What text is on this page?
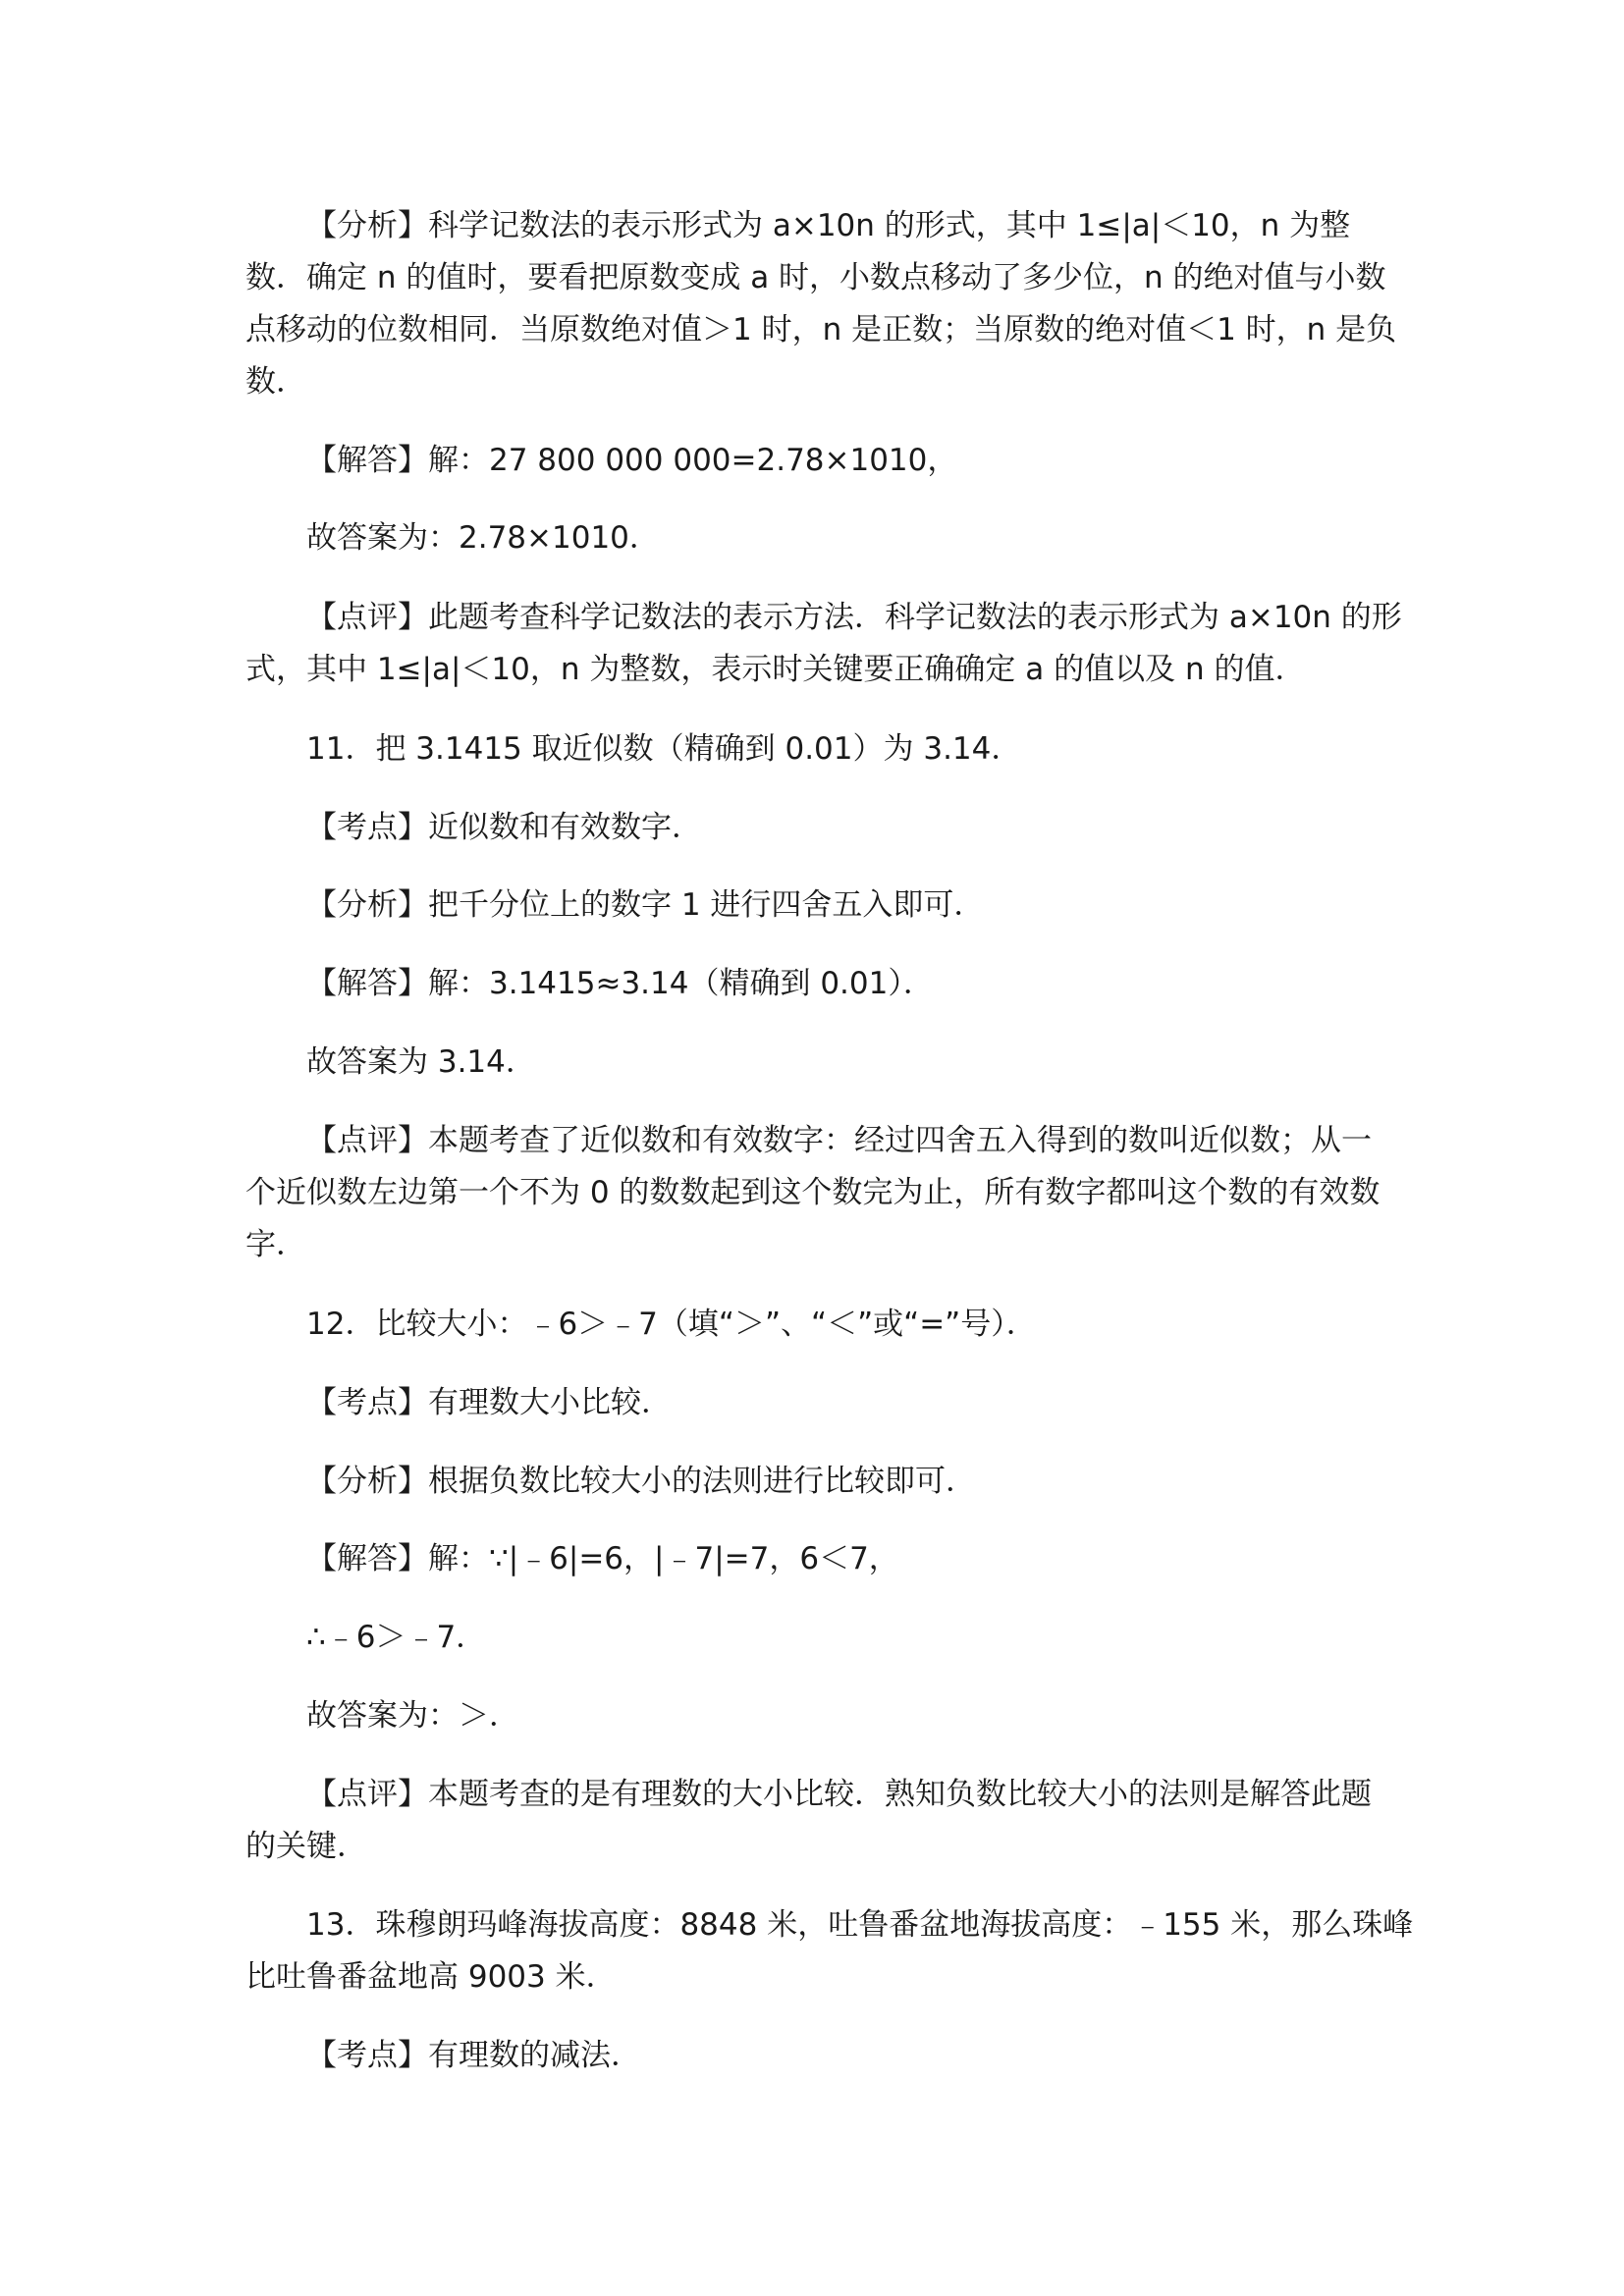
【分析】科学记数法的表示形式为 a×10n 的形式，其中 1≤|a|＜10，n 为整
数．确定 n 的值时，要看把原数变成 a 时，小数点移动了多少位，n 的绝对值与小数
点移动的位数相同．当原数绝对值＞1 时，n 是正数；当原数的绝对值＜1 时，n 是负
数．
【解答】解：27 800 000 000=2.78×1010，
故答案为：2.78×1010．
【点评】此题考查科学记数法的表示方法．科学记数法的表示形式为 a×10n 的形
式，其中 1≤|a|＜10，n 为整数，表示时关键要正确确定 a 的值以及 n 的值．
11．把 3.1415 取近似数（精确到 0.01）为 3.14．
【考点】近似数和有效数字．
【分析】把千分位上的数字 1 进行四舍五入即可．
【解答】解：3.1415≈3.14（精确到 0.01）．
故答案为 3.14．
【点评】本题考查了近似数和有效数字：经过四舍五入得到的数叫近似数；从一
个近似数左边第一个不为 0 的数数起到这个数完为止，所有数字都叫这个数的有效数
字．
12．比较大小：﹣6＞﹣7（填“＞”、“＜”或“=”号）．
【考点】有理数大小比较．
【分析】根据负数比较大小的法则进行比较即可．
【解答】解：∵|﹣6|=6，|﹣7|=7，6＜7，
∴﹣6＞﹣7．
故答案为：＞．
【点评】本题考查的是有理数的大小比较．熟知负数比较大小的法则是解答此题
的关键．
13．珠穆朗玛峰海拔高度：8848 米，吐鲁番盆地海拔高度：﹣155 米，那么珠峰
比吐鲁番盆地高 9003 米．
【考点】有理数的减法．
